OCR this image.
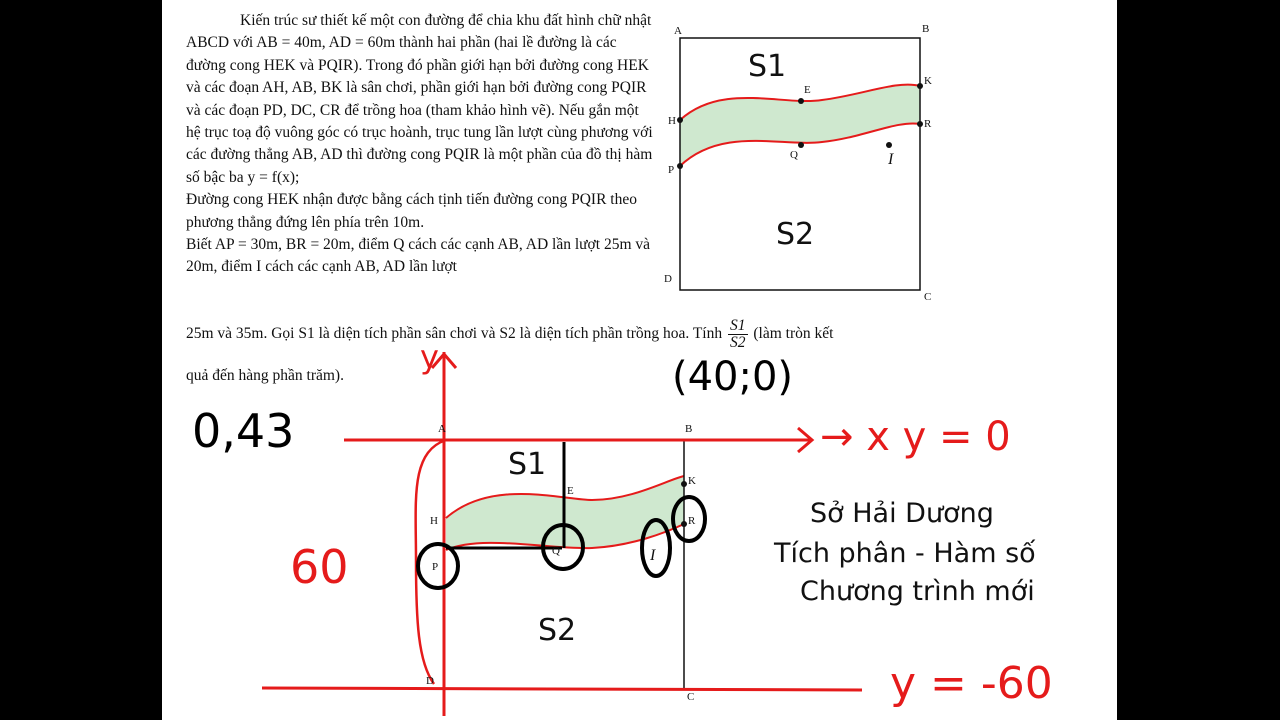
Kiến trúc sư thiết kế một con đường để chia khu đất hình chữ nhật ABCD với AB = 40m, AD = 60m thành hai phần (hai lề đường là các đường cong HEK và PQIR). Trong đó phần giới hạn bởi đường cong HEK và các đoạn AH, AB, BK là sân chơi, phần giới hạn bởi đường cong PQIR và các đoạn PD, DC, CR để trồng hoa (tham khảo hình vẽ). Nếu gắn một hệ trục toạ độ vuông góc có trục hoành, trục tung lần lượt cùng phương với các đường thẳng AB, AD thì đường cong PQIR là một phần của đồ thị hàm số bậc ba y = f(x);

Đường cong HEK nhận được bằng cách tịnh tiến đường cong PQIR theo phương thẳng đứng lên phía trên 10m.

Biết AP = 30m, BR = 20m, điểm Q cách các cạnh AB, AD lần lượt 25m và 20m, điểm I cách các cạnh AB, AD lần lượt

25m và 35m. Gọi S1 là diện tích phần sân chơi và S2 là diện tích phần trồng hoa. Tính $\frac{S1}{S2}$ (làm tròn kết
quả đến hàng phần trăm).
A	B
C
D
H
E
K
P
Q	I
R
S1
S2
A	B
C
D
H
E
K
P
Q	I
R
S1
S2
y
0,43
(40;0)
→ x y = 0
60
y = -60
Sở Hải Dương
Tích phân - Hàm số
Chương trình mới
